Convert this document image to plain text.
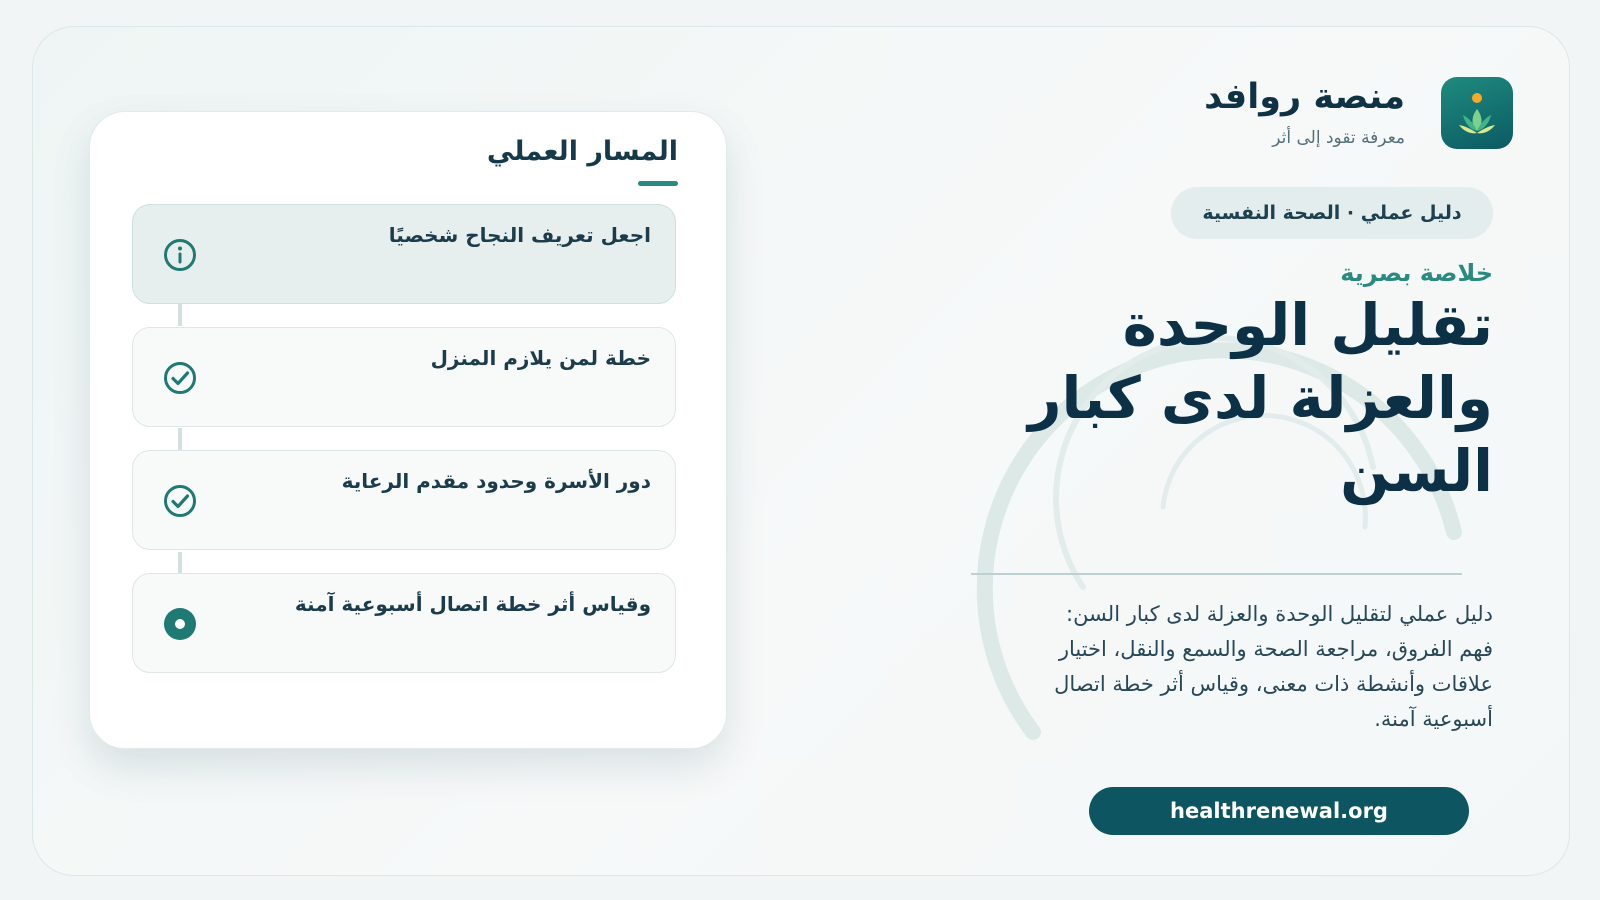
منصة روافد
معرفة تقود إلى أثر
دليل عملي · الصحة النفسية
خلاصة بصرية
تقليل الوحدة
والعزلة لدى كبار
السن
دليل عملي لتقليل الوحدة والعزلة لدى كبار السن: فهم الفروق، مراجعة الصحة والسمع والنقل، اختيار علاقات وأنشطة ذات معنى، وقياس أثر خطة اتصال أسبوعية آمنة.
healthrenewal.org
المسار العملي
اجعل تعريف النجاح شخصيًا
خطة لمن يلازم المنزل
دور الأسرة وحدود مقدم الرعاية
وقياس أثر خطة اتصال أسبوعية آمنة
